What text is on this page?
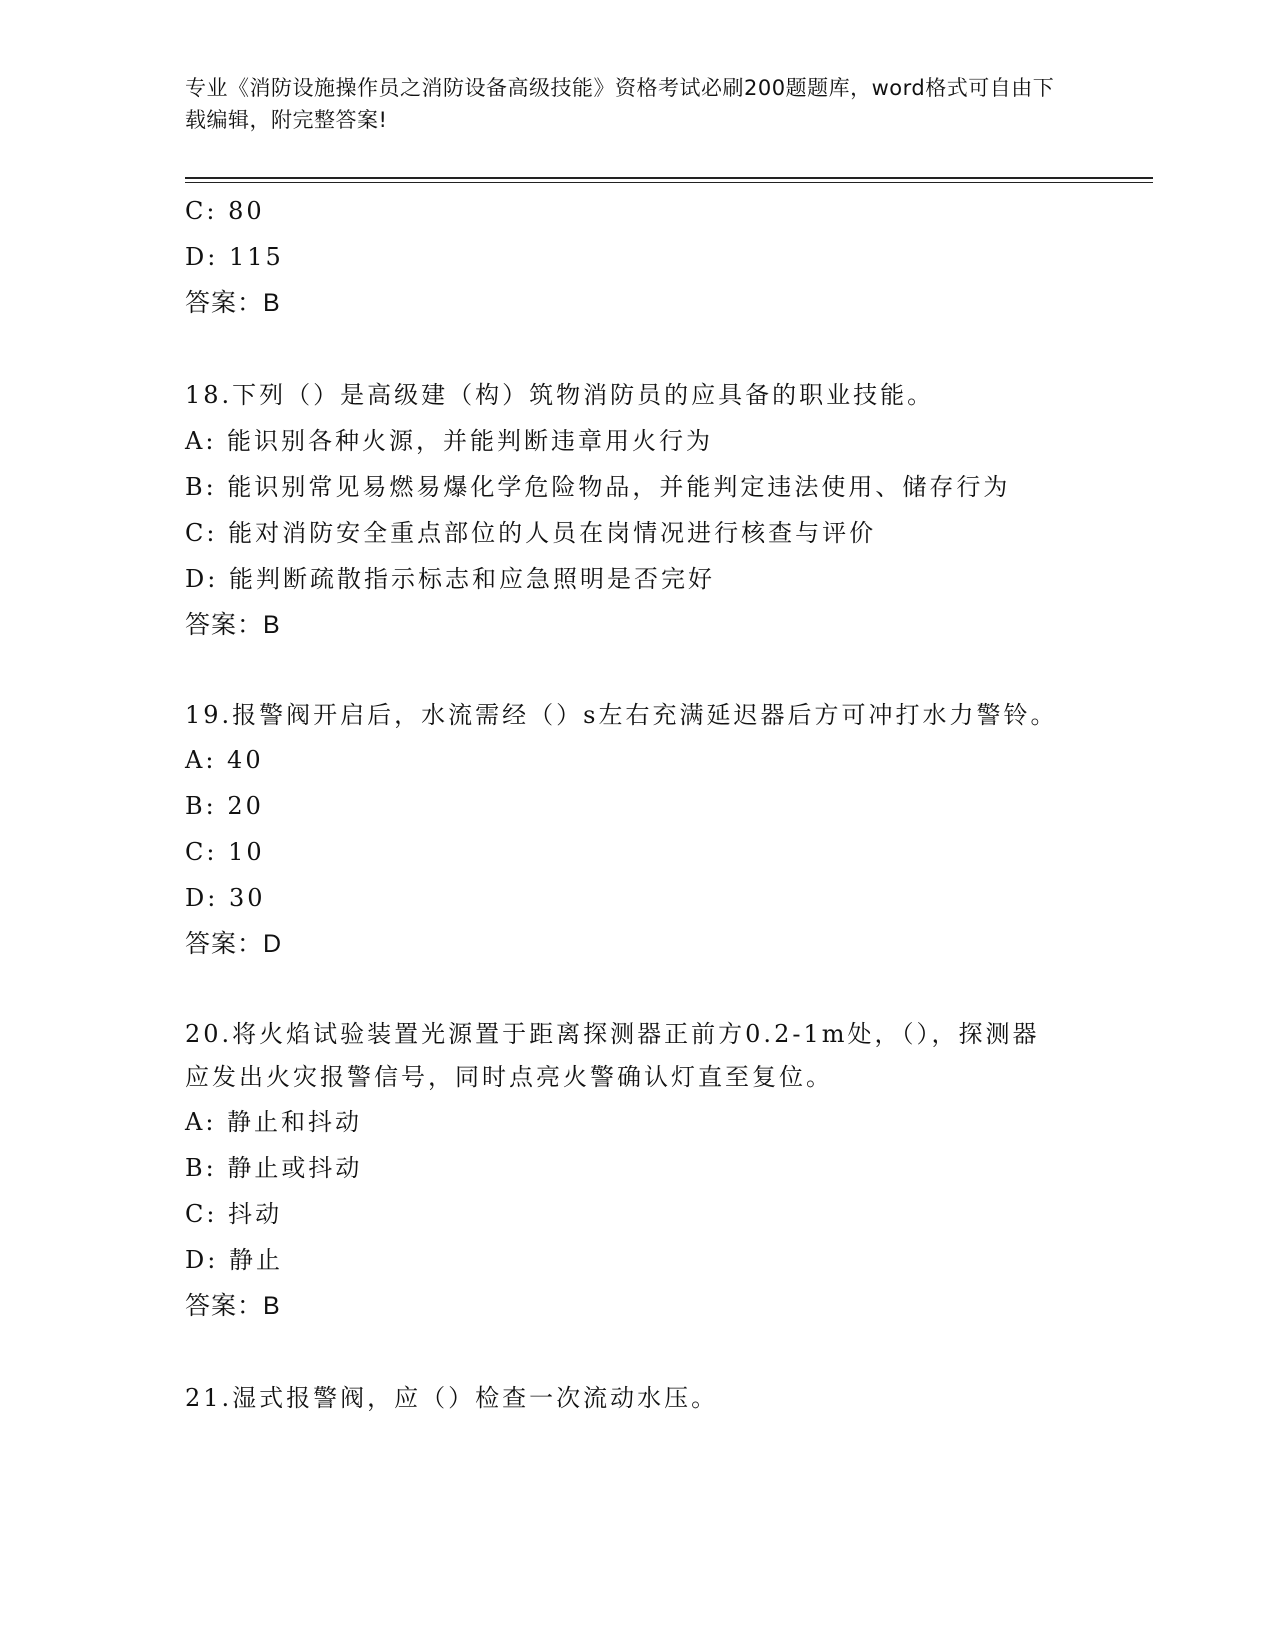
专业《消防设施操作员之消防设备高级技能》资格考试必刷200题题库，word格式可自由下载编辑，附完整答案!
C: 80
D: 115
答案：B
18.下列（）是高级建（构）筑物消防员的应具备的职业技能。
A: 能识别各种火源，并能判断违章用火行为
B: 能识别常见易燃易爆化学危险物品，并能判定违法使用、储存行为
C: 能对消防安全重点部位的人员在岗情况进行核查与评价
D: 能判断疏散指示标志和应急照明是否完好
答案：B
19.报警阀开启后，水流需经（）s左右充满延迟器后方可冲打水力警铃。
A: 40
B: 20
C: 10
D: 30
答案：D
20.将火焰试验装置光源置于距离探测器正前方0.2-1m处，（），探测器应发出火灾报警信号，同时点亮火警确认灯直至复位。
A: 静止和抖动
B: 静止或抖动
C: 抖动
D: 静止
答案：B
21.湿式报警阀，应（）检查一次流动水压。
